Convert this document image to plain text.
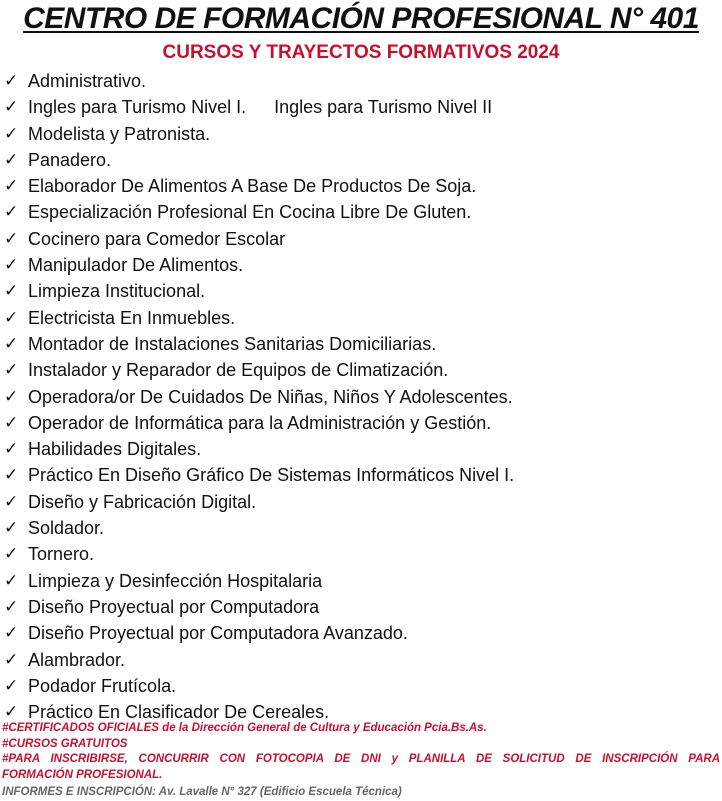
CENTRO DE FORMACIÓN PROFESIONAL N° 401
CURSOS Y TRAYECTOS FORMATIVOS 2024
✓ Administrativo.
✓ Ingles para Turismo Nivel I.	Ingles para Turismo Nivel II
✓ Modelista y Patronista.
✓ Panadero.
✓ Elaborador De Alimentos A Base De Productos De Soja.
✓ Especialización Profesional En Cocina Libre De Gluten.
✓ Cocinero para Comedor Escolar
✓ Manipulador De Alimentos.
✓ Limpieza Institucional.
✓ Electricista En Inmuebles.
✓ Montador de Instalaciones Sanitarias Domiciliarias.
✓ Instalador y Reparador de Equipos de Climatización.
✓ Operadora/or De Cuidados De Niñas, Niños Y Adolescentes.
✓ Operador de Informática para la Administración y Gestión.
✓ Habilidades Digitales.
✓ Práctico En Diseño Gráfico De Sistemas Informáticos Nivel I.
✓ Diseño y Fabricación Digital.
✓ Soldador.
✓ Tornero.
✓ Limpieza y Desinfección Hospitalaria
✓ Diseño Proyectual por Computadora
✓ Diseño Proyectual por Computadora Avanzado.
✓ Alambrador.
✓ Podador Frutícola.
✓ Práctico En Clasificador De Cereales.
#CERTIFICADOS OFICIALES de la Dirección General de Cultura y Educación Pcia.Bs.As.
#CURSOS GRATUITOS
#PARA INSCRIBIRSE, CONCURRIR CON FOTOCOPIA DE DNI y PLANILLA DE SOLICITUD DE INSCRIPCIÓN PARA
FORMACIÓN PROFESIONAL.
INFORMES E INSCRIPCIÓN: Av. Lavalle N° 327 (Edificio Escuela Técnica)
